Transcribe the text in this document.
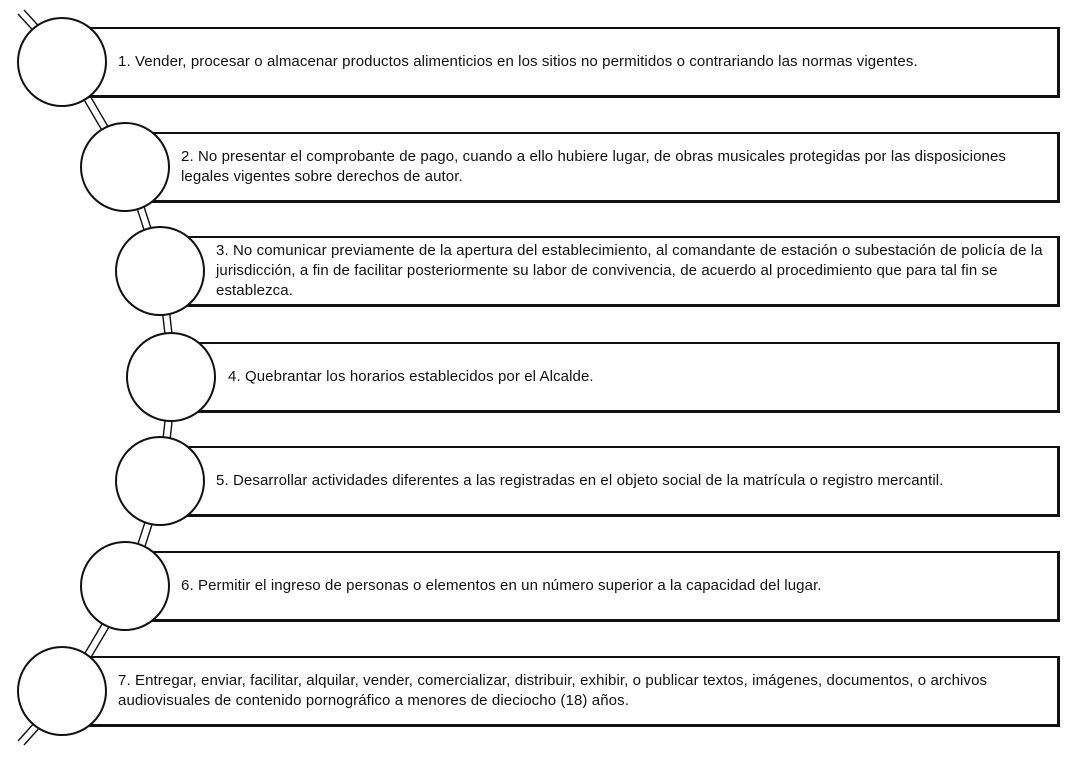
1. Vender, procesar o almacenar productos alimenticios en los sitios no permitidos o contrariando las normas vigentes.
2. No presentar el comprobante de pago, cuando a ello hubiere lugar, de obras musicales protegidas por las disposiciones legales vigentes sobre derechos de autor.
3. No comunicar previamente de la apertura del establecimiento, al comandante de estación o subestación de policía de la jurisdicción, a fin de facilitar posteriormente su labor de convivencia, de acuerdo al procedimiento que para tal fin se establezca.
4. Quebrantar los horarios establecidos por el Alcalde.
5. Desarrollar actividades diferentes a las registradas en el objeto social de la matrícula o registro mercantil.
6. Permitir el ingreso de personas o elementos en un número superior a la capacidad del lugar.
7. Entregar, enviar, facilitar, alquilar, vender, comercializar, distribuir, exhibir, o publicar textos, imágenes, documentos, o archivos audiovisuales de contenido pornográfico a menores de dieciocho (18) años.
